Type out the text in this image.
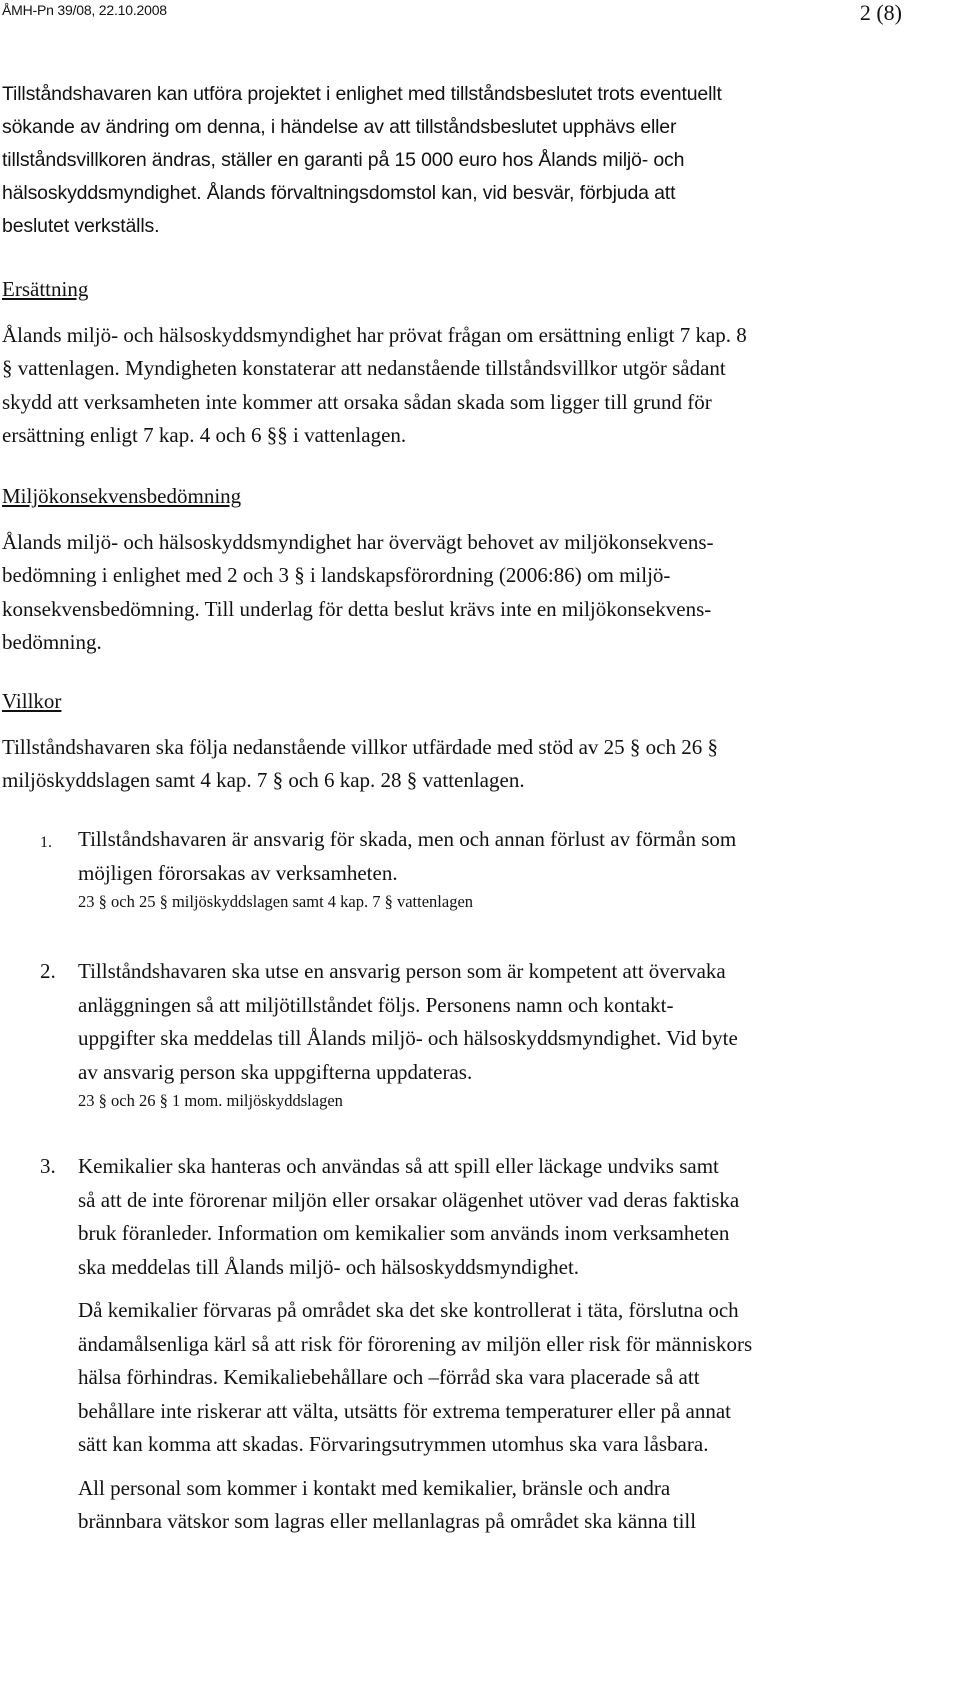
ÅMH-Pn 39/08, 22.10.2008	2 (8)
Tillståndshavaren kan utföra projektet i enlighet med tillståndsbeslutet trots eventuellt
sökande av ändring om denna, i händelse av att tillståndsbeslutet upphävs eller
tillståndsvillkoren ändras, ställer en garanti på 15 000 euro hos Ålands miljö- och
hälsoskyddsmyndighet. Ålands förvaltningsdomstol kan, vid besvär, förbjuda att
beslutet verkställs.

Ersättning

Ålands miljö- och hälsoskyddsmyndighet har prövat frågan om ersättning enligt 7 kap. 8
§ vattenlagen. Myndigheten konstaterar att nedanstående tillståndsvillkor utgör sådant
skydd att verksamheten inte kommer att orsaka sådan skada som ligger till grund för
ersättning enligt 7 kap. 4 och 6 §§ i vattenlagen.

Miljökonsekvensbedömning

Ålands miljö- och hälsoskyddsmyndighet har övervägt behovet av miljökonsekvens-
bedömning i enlighet med 2 och 3 § i landskapsförordning (2006:86) om miljö-
konsekvensbedömning. Till underlag för detta beslut krävs inte en miljökonsekvens-
bedömning.

Villkor

Tillståndshavaren ska följa nedanstående villkor utfärdade med stöd av 25 § och 26 §
miljöskyddslagen samt 4 kap. 7 § och 6 kap. 28 § vattenlagen.
1. Tillståndshavaren är ansvarig för skada, men och annan förlust av förmån som
möjligen förorsakas av verksamheten.
23 § och 25 § miljöskyddslagen samt 4 kap. 7 § vattenlagen
2. Tillståndshavaren ska utse en ansvarig person som är kompetent att övervaka
anläggningen så att miljötillståndet följs. Personens namn och kontakt-
uppgifter ska meddelas till Ålands miljö- och hälsoskyddsmyndighet. Vid byte
av ansvarig person ska uppgifterna uppdateras.
23 § och 26 § 1 mom. miljöskyddslagen
3. Kemikalier ska hanteras och användas så att spill eller läckage undviks samt
så att de inte förorenar miljön eller orsakar olägenhet utöver vad deras faktiska
bruk föranleder. Information om kemikalier som används inom verksamheten
ska meddelas till Ålands miljö- och hälsoskyddsmyndighet.
Då kemikalier förvaras på området ska det ske kontrollerat i täta, förslutna och
ändamålsenliga kärl så att risk för förorening av miljön eller risk för människors
hälsa förhindras. Kemikaliebehållare och –förråd ska vara placerade så att
behållare inte riskerar att välta, utsätts för extrema temperaturer eller på annat
sätt kan komma att skadas. Förvaringsutrymmen utomhus ska vara låsbara.
All personal som kommer i kontakt med kemikalier, bränsle och andra
brännbara vätskor som lagras eller mellanlagras på området ska känna till
